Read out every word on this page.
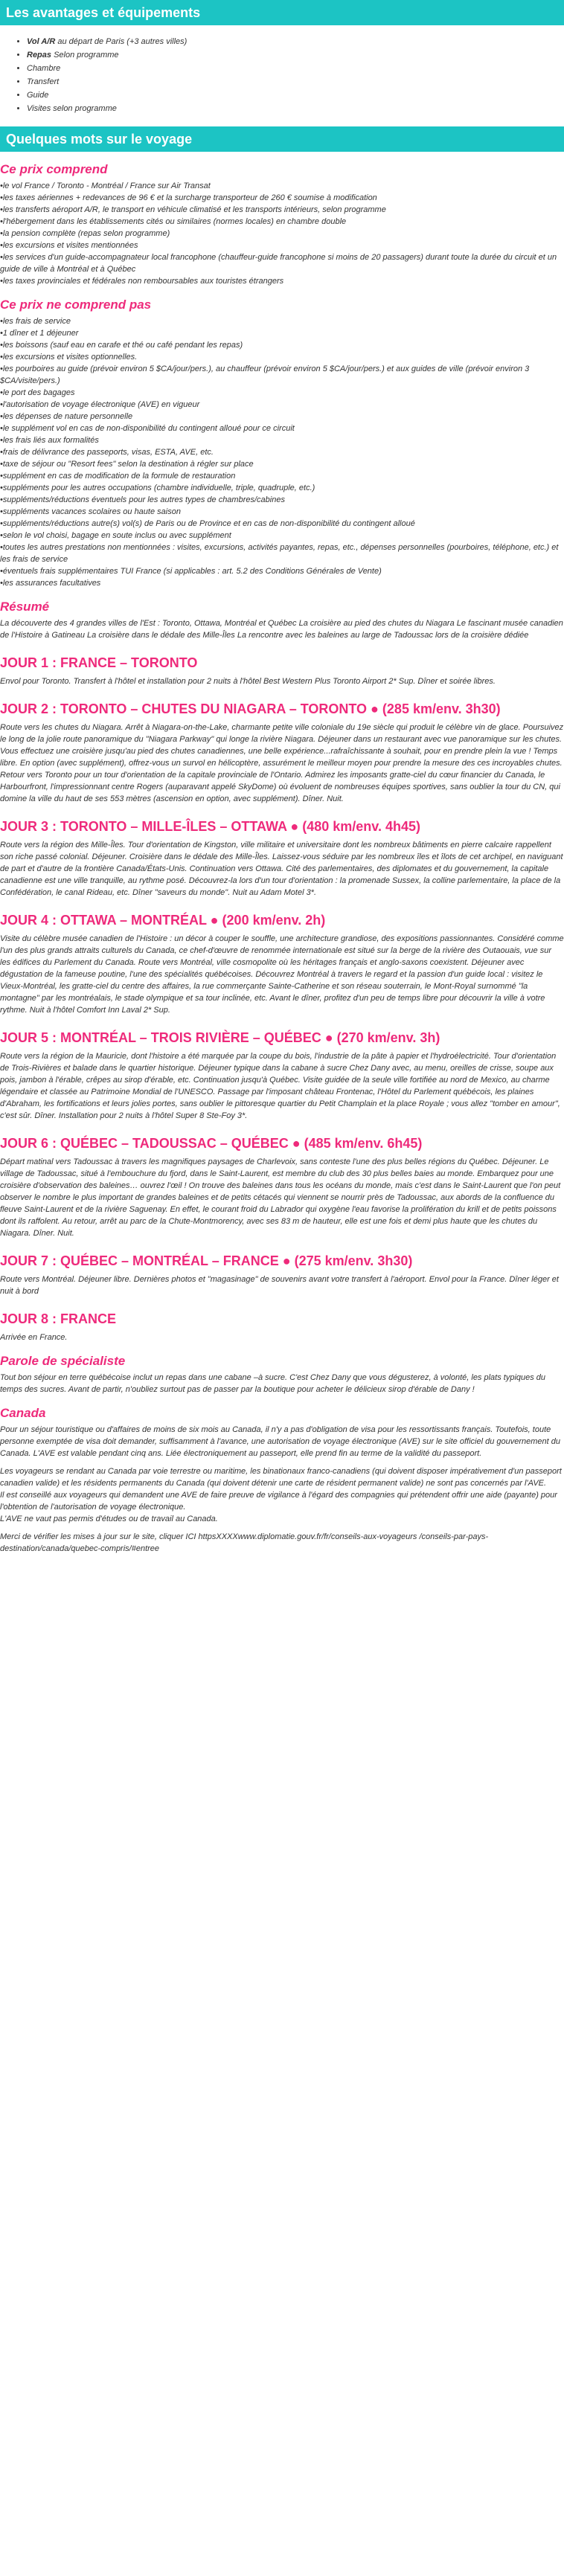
Les avantages et équipements
• Vol A/R au départ de Paris (+3 autres villes)
• Repas Selon programme
• Chambre
• Transfert
• Guide
• Visites selon programme
Quelques mots sur le voyage
Ce prix comprend
• le vol France / Toronto - Montréal / France sur Air Transat
• les taxes aériennes + redevances de 96 € et la surcharge transporteur de 260 € soumise à modification
• les transferts aéroport A/R, le transport en véhicule climatisé et les transports intérieurs, selon programme
• l'hébergement dans les établissements cités ou similaires (normes locales) en chambre double
• la pension complète (repas selon programme)
• les excursions et visites mentionnées
• les services d'un guide-accompagnateur local francophone (chauffeur-guide francophone si moins de 20 passagers) durant toute la durée du circuit et un guide de ville à Montréal et à Québec
• les taxes provinciales et fédérales non remboursables aux touristes étrangers
Ce prix ne comprend pas
• les frais de service
• 1 dîner et 1 déjeuner
• les boissons (sauf eau en carafe et thé ou café pendant les repas)
• les excursions et visites optionnelles.
• les pourboires au guide (prévoir environ 5 $CA/jour/pers.), au chauffeur (prévoir environ 5 $CA/jour/pers.) et aux guides de ville (prévoir environ 3 $CA/visite/pers.)
• le port des bagages
• l'autorisation de voyage électronique (AVE) en vigueur
• les dépenses de nature personnelle
• le supplément vol en cas de non-disponibilité du contingent alloué pour ce circuit
• les frais liés aux formalités
• frais de délivrance des passeports, visas, ESTA, AVE, etc.
• taxe de séjour ou "Resort fees" selon la destination à régler sur place
• supplément en cas de modification de la formule de restauration
• suppléments pour les autres occupations (chambre individuelle, triple, quadruple, etc.)
• suppléments/réductions éventuels pour les autres types de chambres/cabines
• suppléments vacances scolaires ou haute saison
• suppléments/réductions autre(s) vol(s) de Paris ou de Province et en cas de non-disponibilité du contingent alloué
• selon le vol choisi, bagage en soute inclus ou avec supplément
• toutes les autres prestations non mentionnées : visites, excursions, activités payantes, repas, etc., dépenses personnelles (pourboires, téléphone, etc.) et les frais de service
• éventuels frais supplémentaires TUI France (si applicables : art. 5.2 des Conditions Générales de Vente)
• les assurances facultatives
Résumé

La découverte des 4 grandes villes de l'Est : Toronto, Ottawa, Montréal et Québec La croisière au pied des chutes du Niagara Le fascinant musée canadien de l'Histoire à Gatineau La croisière dans le dédale des Mille-Îles La rencontre avec les baleines au large de Tadoussac lors de la croisière dédiée

JOUR 1 : FRANCE – TORONTO

Envol pour Toronto. Transfert à l'hôtel et installation pour 2 nuits à l'hôtel Best Western Plus Toronto Airport 2* Sup. Dîner et soirée libres.

JOUR 2 : TORONTO – CHUTES DU NIAGARA – TORONTO ● (285 km/env. 3h30)

Route vers les chutes du Niagara. Arrêt à Niagara-on-the-Lake, charmante petite ville coloniale du 19e siècle qui produit le célèbre vin de glace. Poursuivez le long de la jolie route panoramique du "Niagara Parkway" qui longe la rivière Niagara. Déjeuner dans un restaurant avec vue panoramique sur les chutes. Vous effectuez une croisière jusqu'au pied des chutes canadiennes, une belle expérience...rafraîchissante à souhait, pour en prendre plein la vue ! Temps libre. En option (avec supplément), offrez-vous un survol en hélicoptère, assurément le meilleur moyen pour prendre la mesure des ces incroyables chutes. Retour vers Toronto pour un tour d'orientation de la capitale provinciale de l'Ontario. Admirez les imposants gratte-ciel du cœur financier du Canada, le Harbourfront, l'impressionnant centre Rogers (auparavant appelé SkyDome) où évoluent de nombreuses équipes sportives, sans oublier la tour du CN, qui domine la ville du haut de ses 553 mètres (ascension en option, avec supplément). Dîner. Nuit.

JOUR 3 : TORONTO – MILLE-ÎLES – OTTAWA ● (480 km/env. 4h45)

Route vers la région des Mille-Îles. Tour d'orientation de Kingston, ville militaire et universitaire dont les nombreux bâtiments en pierre calcaire rappellent son riche passé colonial. Déjeuner. Croisière dans le dédale des Mille-Îles. Laissez-vous séduire par les nombreux îles et îlots de cet archipel, en naviguant de part et d'autre de la frontière Canada/États-Unis. Continuation vers Ottawa. Cité des parlementaires, des diplomates et du gouvernement, la capitale canadienne est une ville tranquille, au rythme posé. Découvrez-la lors d'un tour d'orientation : la promenade Sussex, la colline parlementaire, la place de la Confédération, le canal Rideau, etc. Dîner "saveurs du monde". Nuit au Adam Motel 3*.

JOUR 4 : OTTAWA – MONTRÉAL ● (200 km/env. 2h)

Visite du célèbre musée canadien de l'Histoire : un décor à couper le souffle, une architecture grandiose, des expositions passionnantes. Considéré comme l'un des plus grands attraits culturels du Canada, ce chef-d'œuvre de renommée internationale est situé sur la berge de la rivière des Outaouais, vue sur les édifices du Parlement du Canada. Route vers Montréal, ville cosmopolite où les héritages français et anglo-saxons coexistent. Déjeuner avec dégustation de la fameuse poutine, l'une des spécialités québécoises. Découvrez Montréal à travers le regard et la passion d'un guide local : visitez le Vieux-Montréal, les gratte-ciel du centre des affaires, la rue commerçante Sainte-Catherine et son réseau souterrain, le Mont-Royal surnommé "la montagne" par les montréalais, le stade olympique et sa tour inclinée, etc. Avant le dîner, profitez d'un peu de temps libre pour découvrir la ville à votre rythme. Nuit à l'hôtel Comfort Inn Laval 2* Sup.

JOUR 5 : MONTRÉAL – TROIS RIVIÈRE – QUÉBEC ● (270 km/env. 3h)

Route vers la région de la Mauricie, dont l'histoire a été marquée par la coupe du bois, l'industrie de la pâte à papier et l'hydroélectricité. Tour d'orientation de Trois-Rivières et balade dans le quartier historique. Déjeuner typique dans la cabane à sucre Chez Dany avec, au menu, oreilles de crisse, soupe aux pois, jambon à l'érable, crêpes au sirop d'érable, etc. Continuation jusqu'à Québec. Visite guidée de la seule ville fortifiée au nord de Mexico, au charme légendaire et classée au Patrimoine Mondial de l'UNESCO. Passage par l'imposant château Frontenac, l'Hôtel du Parlement québécois, les plaines d'Abraham, les fortifications et leurs jolies portes, sans oublier le pittoresque quartier du Petit Champlain et la place Royale ; vous allez "tomber en amour", c'est sûr. Dîner. Installation pour 2 nuits à l'hôtel Super 8 Ste-Foy 3*.

JOUR 6 : QUÉBEC – TADOUSSAC – QUÉBEC ● (485 km/env. 6h45)

Départ matinal vers Tadoussac à travers les magnifiques paysages de Charlevoix, sans conteste l'une des plus belles régions du Québec. Déjeuner. Le village de Tadoussac, situé à l'embouchure du fjord, dans le Saint-Laurent, est membre du club des 30 plus belles baies au monde. Embarquez pour une croisière d'observation des baleines… ouvrez l'œil ! On trouve des baleines dans tous les océans du monde, mais c'est dans le Saint-Laurent que l'on peut observer le nombre le plus important de grandes baleines et de petits cétacés qui viennent se nourrir près de Tadoussac, aux abords de la confluence du fleuve Saint-Laurent et de la rivière Saguenay. En effet, le courant froid du Labrador qui oxygène l'eau favorise la prolifération du krill et de petits poissons dont ils raffolent. Au retour, arrêt au parc de la Chute-Montmorency, avec ses 83 m de hauteur, elle est une fois et demi plus haute que les chutes du Niagara. Dîner. Nuit.

JOUR 7 : QUÉBEC – MONTRÉAL – FRANCE ● (275 km/env. 3h30)

Route vers Montréal. Déjeuner libre. Dernières photos et "magasinage" de souvenirs avant votre transfert à l'aéroport. Envol pour la France. Dîner léger et nuit à bord

JOUR 8 : FRANCE

Arrivée en France.

Parole de spécialiste

Tout bon séjour en terre québécoise inclut un repas dans une cabane –à sucre. C'est Chez Dany que vous dégusterez, à volonté, les plats typiques du temps des sucres. Avant de partir, n'oubliez surtout pas de passer par la boutique pour acheter le délicieux sirop d'érable de Dany !

Canada

Pour un séjour touristique ou d'affaires de moins de six mois au Canada, il n'y a pas d'obligation de visa pour les ressortissants français. Toutefois, toute personne exemptée de visa doit demander, suffisamment à l'avance, une autorisation de voyage électronique (AVE) sur le site officiel du gouvernement du Canada. L'AVE est valable pendant cinq ans. Liée électroniquement au passeport, elle prend fin au terme de la validité du passeport.

Les voyageurs se rendant au Canada par voie terrestre ou maritime, les binationaux franco-canadiens (qui doivent disposer impérativement d'un passeport canadien valide) et les résidents permanents du Canada (qui doivent détenir une carte de résident permanent valide) ne sont pas concernés par l'AVE.
Il est conseillé aux voyageurs qui demandent une AVE de faire preuve de vigilance à l'égard des compagnies qui prétendent offrir une aide (payante) pour l'obtention de l'autorisation de voyage électronique.
L'AVE ne vaut pas permis d'études ou de travail au Canada.

Merci de vérifier les mises à jour sur le site, cliquer ICI httpsXXXXwww.diplomatie.gouv.fr/fr/conseils-aux-voyageurs /conseils-par-pays-destination/canada/quebec-compris/#entree
